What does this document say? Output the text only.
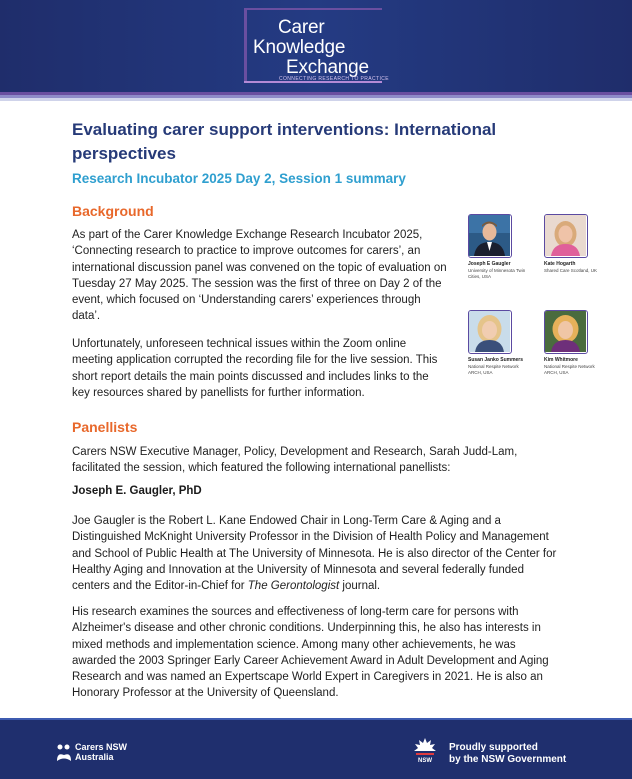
Carer
Knowledge
Exchange
CONNECTING RESEARCH TO PRACTICE
Evaluating carer support interventions: International perspectives
Research Incubator 2025 Day 2, Session 1 summary
Background

As part of the Carer Knowledge Exchange Research Incubator 2025, ‘Connecting research to practice to improve outcomes for carers’, an international discussion panel was convened on the topic of evaluation on Tuesday 27 May 2025. The session was the first of three on Day 2 of the event, which focused on ‘Understanding carers’ experiences through data’.

Unfortunately, unforeseen technical issues within the Zoom online meeting application corrupted the recording file for the live session. This short report details the main points discussed and includes links to the key resources shared by panellists for further information.

Joseph E Gaugler
University of Minnesota Twin Cities, USA
Kate Hogarth
Shared Care Scotland, UK
Susan Janko Summers
National Respite Network ARCH, USA
Kim Whitmore
National Respite Network ARCH, USA
Panellists

Carers NSW Executive Manager, Policy, Development and Research, Sarah Judd-Lam, facilitated the session, which featured the following international panellists:

Joseph E. Gaugler, PhD

Joe Gaugler is the Robert L. Kane Endowed Chair in Long-Term Care & Aging and a Distinguished McKnight University Professor in the Division of Health Policy and Management and School of Public Health at The University of Minnesota. He is also director of the Center for Healthy Aging and Innovation at the University of Minnesota and several federally funded centers and the Editor-in-Chief for The Gerontologist journal.

His research examines the sources and effectiveness of long-term care for persons with Alzheimer's disease and other chronic conditions. Underpinning this, he also has interests in mixed methods and implementation science. Among many other achievements, he was awarded the 2003 Springer Early Career Achievement Award in Adult Development and Aging Research and was named an Expertscape World Expert in Caregivers in 2021. He is also an Honorary Professor at the University of Queensland.

Carers NSW
Australia	NSW
Proudly supported
by the NSW Government
